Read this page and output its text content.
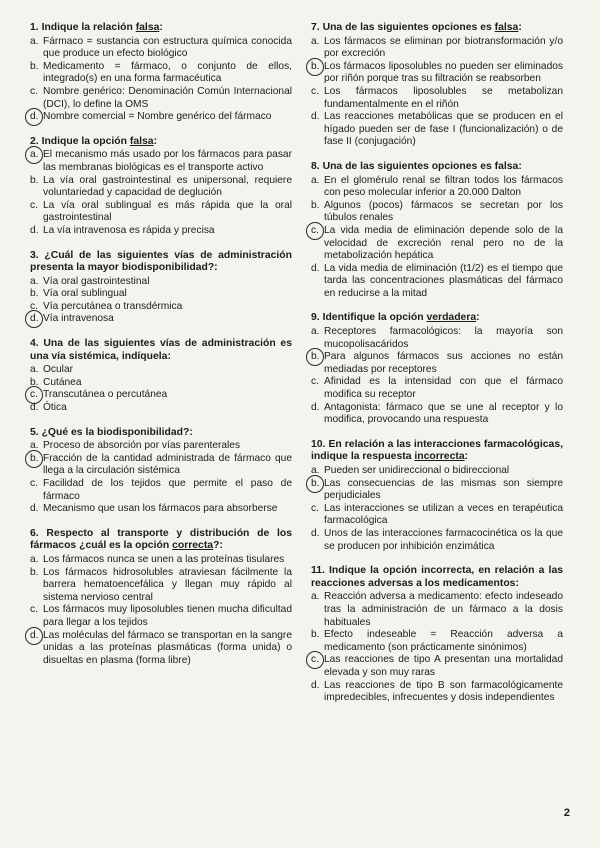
1. Indique la relación falsa:
a. Fármaco = sustancia con estructura química conocida que produce un efecto biológico
b. Medicamento = fármaco, o conjunto de ellos, integrado(s) en una forma farmacéutica
c. Nombre genérico: Denominación Común Internacional (DCI), lo define la OMS
d. Nombre comercial = Nombre genérico del fármaco
2. Indique la opción falsa:
a. El mecanismo más usado por los fármacos para pasar las membranas biológicas es el transporte activo
b. La vía oral gastrointestinal es unipersonal, requiere voluntariedad y capacidad de deglución
c. La vía oral sublingual es más rápida que la oral gastrointestinal
d. La vía intravenosa es rápida y precisa
3. ¿Cuál de las siguientes vías de administración presenta la mayor biodisponibilidad?:
a. Vía oral gastrointestinal
b. Vía oral sublingual
c. Vía percutánea o transdérmica
d. Vía intravenosa
4. Una de las siguientes vías de administración es una vía sistémica, indíquela:
a. Ocular
b. Cutánea
c. Transcutánea o percutánea
d. Ótica
5. ¿Qué es la biodisponibilidad?:
a. Proceso de absorción por vías parenterales
b. Fracción de la cantidad administrada de fármaco que llega a la circulación sistémica
c. Facilidad de los tejidos que permite el paso de fármaco
d. Mecanismo que usan los fármacos para absorberse
6. Respecto al transporte y distribución de los fármacos ¿cuál es la opción correcta?:
a. Los fármacos nunca se unen a las proteínas tisulares
b. Los fármacos hidrosolubles atraviesan fácilmente la barrera hematoencefálica y llegan muy rápido al sistema nervioso central
c. Los fármacos muy liposolubles tienen mucha dificultad para llegar a los tejidos
d. Las moléculas del fármaco se transportan en la sangre unidas a las proteínas plasmáticas (forma unida) o disueltas en plasma (forma libre)
7. Una de las siguientes opciones es falsa:
a. Los fármacos se eliminan por biotransformación y/o por excreción
b. Los fármacos liposolubles no pueden ser eliminados por riñón porque tras su filtración se reabsorben
c. Los fármacos liposolubles se metabolizan fundamentalmente en el riñón
d. Las reacciones metabólicas que se producen en el hígado pueden ser de fase I (funcionalización) o de fase II (conjugación)
8. Una de las siguientes opciones es falsa:
a. En el glomérulo renal se filtran todos los fármacos con peso molecular inferior a 20.000 Dalton
b. Algunos (pocos) fármacos se secretan por los túbulos renales
c. La vida media de eliminación depende solo de la velocidad de excreción renal pero no de la metabolización hepática
d. La vida media de eliminación (t1/2) es el tiempo que tarda las concentraciones plasmáticas del fármaco en reducirse a la mitad
9. Identifique la opción verdadera:
a. Receptores farmacológicos: la mayoría son mucopolisacáridos
b. Para algunos fármacos sus acciones no están mediadas por receptores
c. Afinidad es la intensidad con que el fármaco modifica su receptor
d. Antagonista: fármaco que se une al receptor y lo modifica, provocando una respuesta
10. En relación a las interacciones farmacológicas, indique la respuesta incorrecta:
a. Pueden ser unidireccional o bidireccional
b. Las consecuencias de las mismas son siempre perjudiciales
c. Las interacciones se utilizan a veces en terapéutica farmacológica
d. Unos de las interacciones farmacocinética os la que se producen por inhibición enzimática
11. Indique la opción incorrecta, en relación a las reacciones adversas a los medicamentos:
a. Reacción adversa a medicamento: efecto indeseado tras la administración de un fármaco a la dosis habituales
b. Efecto indeseable = Reacción adversa a medicamento (son prácticamente sinónimos)
c. Las reacciones de tipo A presentan una mortalidad elevada y son muy raras
d. Las reacciones de tipo B son farmacológicamente impredecibles, infrecuentes y dosis independientes
2
